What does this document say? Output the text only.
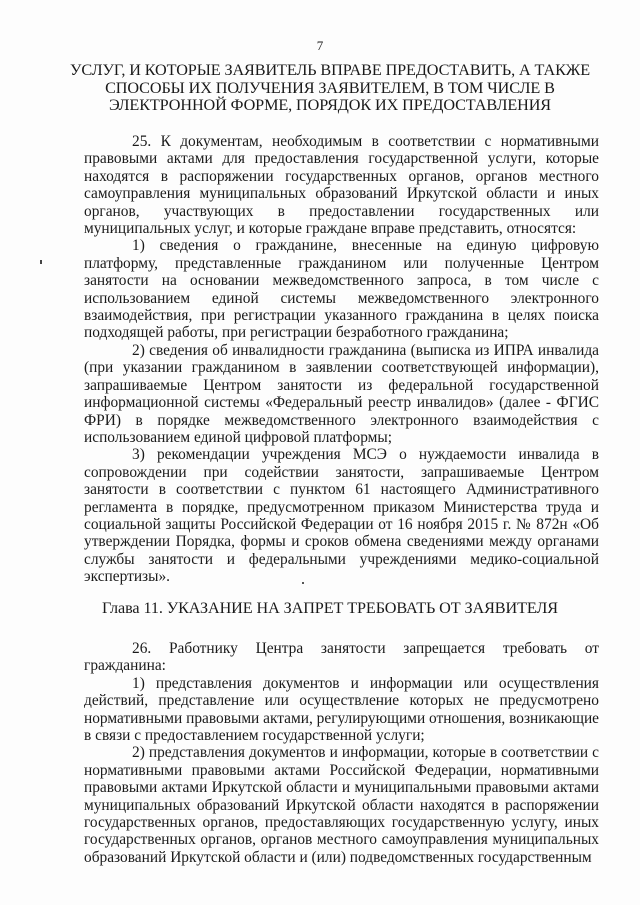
7
УСЛУГ, И КОТОРЫЕ ЗАЯВИТЕЛЬ ВПРАВЕ ПРЕДОСТАВИТЬ, А ТАКЖЕ СПОСОБЫ ИХ ПОЛУЧЕНИЯ ЗАЯВИТЕЛЕМ, В ТОМ ЧИСЛЕ В ЭЛЕКТРОННОЙ ФОРМЕ, ПОРЯДОК ИХ ПРЕДОСТАВЛЕНИЯ

25. К документам, необходимым в соответствии с нормативными правовыми актами для предоставления государственной услуги, которые находятся в распоряжении государственных органов, органов местного самоуправления муниципальных образований Иркутской области и иных органов, участвующих в предоставлении государственных или муниципальных услуг, и которые граждане вправе представить, относятся:

1) сведения о гражданине, внесенные на единую цифровую платформу, представленные гражданином или полученные Центром занятости на основании межведомственного запроса, в том числе с использованием единой системы межведомственного электронного взаимодействия, при регистрации указанного гражданина в целях поиска подходящей работы, при регистрации безработного гражданина;

2) сведения об инвалидности гражданина (выписка из ИПРА инвалида (при указании гражданином в заявлении соответствующей информации), запрашиваемые Центром занятости из федеральной государственной информационной системы «Федеральный реестр инвалидов» (далее - ФГИС ФРИ) в порядке межведомственного электронного взаимодействия с использованием единой цифровой платформы;

3) рекомендации учреждения МСЭ о нуждаемости инвалида в сопровождении при содействии занятости, запрашиваемые Центром занятости в соответствии с пунктом 61 настоящего Административного регламента в порядке, предусмотренном приказом Министерства труда и социальной защиты Российской Федерации от 16 ноября 2015 г. № 872н «Об утверждении Порядка, формы и сроков обмена сведениями между органами службы занятости и федеральными учреждениями медико-социальной экспертизы».

Глава 11. УКАЗАНИЕ НА ЗАПРЕТ ТРЕБОВАТЬ ОТ ЗАЯВИТЕЛЯ

26. Работнику Центра занятости запрещается требовать от гражданина:

1) представления документов и информации или осуществления действий, представление или осуществление которых не предусмотрено нормативными правовыми актами, регулирующими отношения, возникающие в связи с предоставлением государственной услуги;

2) представления документов и информации, которые в соответствии с нормативными правовыми актами Российской Федерации, нормативными правовыми актами Иркутской области и муниципальными правовыми актами муниципальных образований Иркутской области находятся в распоряжении государственных органов, предоставляющих государственную услугу, иных государственных органов, органов местного самоуправления муниципальных образований Иркутской области и (или) подведомственных государственным
